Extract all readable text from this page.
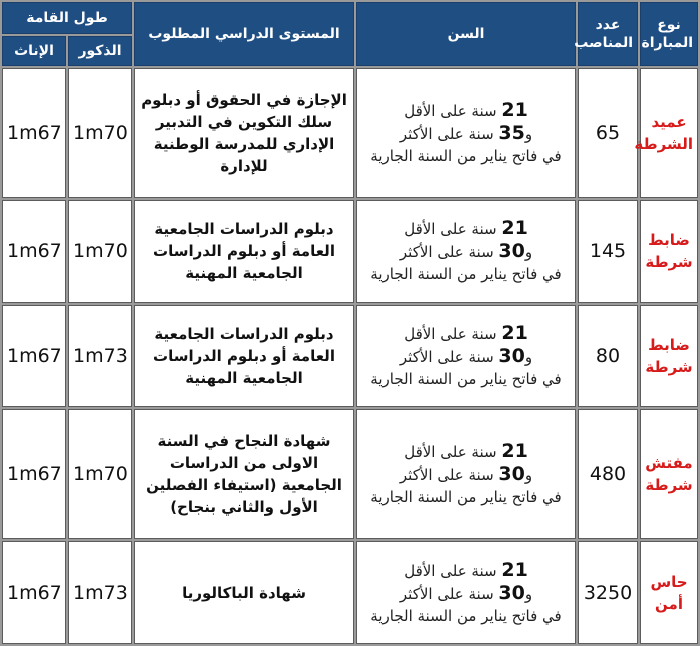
نوع المباراة	عدد المناصب	السن	المستوى الدراسي المطلوب	طول القامة	
				الذكور	الإناث
عميد الشرطة	65	21 سنة على الأقل
و35 سنة على الأكثر
في فاتح يناير من السنة الجارية	الإجازة في الحقوق أو دبلوم سلك التكوين في التدبير الإداري للمدرسة الوطنية للإدارة	1m70	1m67
ضابط شرطة	145	21 سنة على الأقل
و30 سنة على الأكثر
في فاتح يناير من السنة الجارية	دبلوم الدراسات الجامعية العامة أو دبلوم الدراسات الجامعية المهنية	1m70	1m67
ضابط شرطة	80	21 سنة على الأقل
و30 سنة على الأكثر
في فاتح يناير من السنة الجارية	دبلوم الدراسات الجامعية العامة أو دبلوم الدراسات الجامعية المهنية	1m73	1m67
مفتش شرطة	480	21 سنة على الأقل
و30 سنة على الأكثر
في فاتح يناير من السنة الجارية	شهادة النجاح في السنة الاولى من الدراسات الجامعية (استيفاء الفصلين الأول والثاني بنجاح)	1m70	1m67
حاس أمن	3250	21 سنة على الأقل
و30 سنة على الأكثر
في فاتح يناير من السنة الجارية	شهادة الباكالوريا	1m73	1m67
